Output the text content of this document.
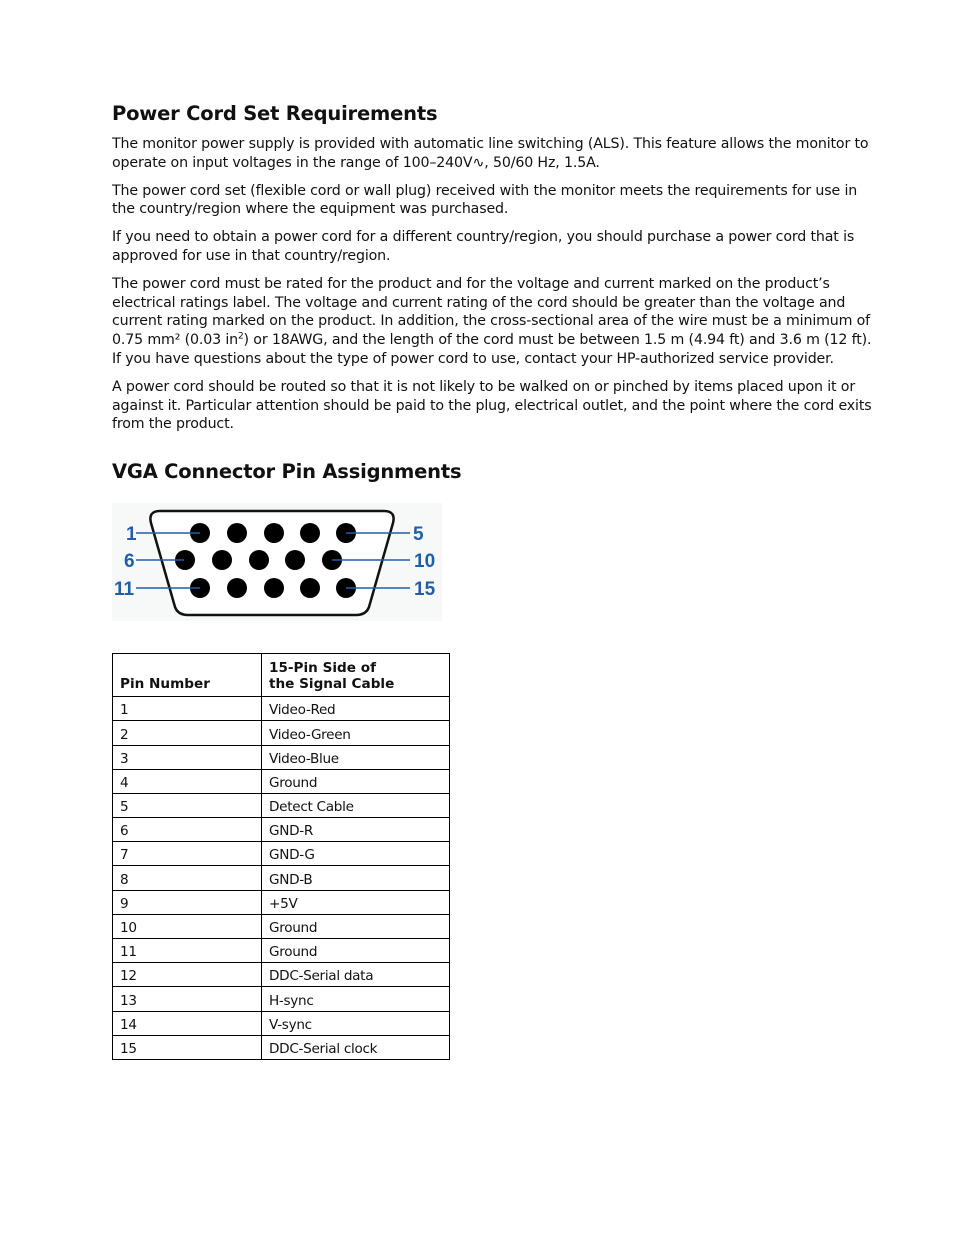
Power Cord Set Requirements

The monitor power supply is provided with automatic line switching (ALS). This feature allows the monitor to operate on input voltages in the range of 100–240V∿, 50/60 Hz, 1.5A.

The power cord set (flexible cord or wall plug) received with the monitor meets the requirements for use in the country/region where the equipment was purchased.

If you need to obtain a power cord for a different country/region, you should purchase a power cord that is approved for use in that country/region.

The power cord must be rated for the product and for the voltage and current marked on the product’s electrical ratings label. The voltage and current rating of the cord should be greater than the voltage and current rating marked on the product. In addition, the cross-sectional area of the wire must be a minimum of 0.75 mm² (0.03 $in^2$) or 18AWG, and the length of the cord must be between 1.5 m (4.94 ft) and 3.6 m (12 ft). If you have questions about the type of power cord to use, contact your HP-authorized service provider.

A power cord should be routed so that it is not likely to be walked on or pinched by items placed upon it or against it. Particular attention should be paid to the plug, electrical outlet, and the point where the cord exits from the product.

VGA Connector Pin Assignments
1
6
11
5
10
15
Pin Number	15-Pin Side of
the Signal Cable
1	Video-Red
2	Video-Green
3	Video-Blue
4	Ground
5	Detect Cable
6	GND-R
7	GND-G
8	GND-B
9	+5V
10	Ground
11	Ground
12	DDC-Serial data
13	H-sync
14	V-sync
15	DDC-Serial clock
